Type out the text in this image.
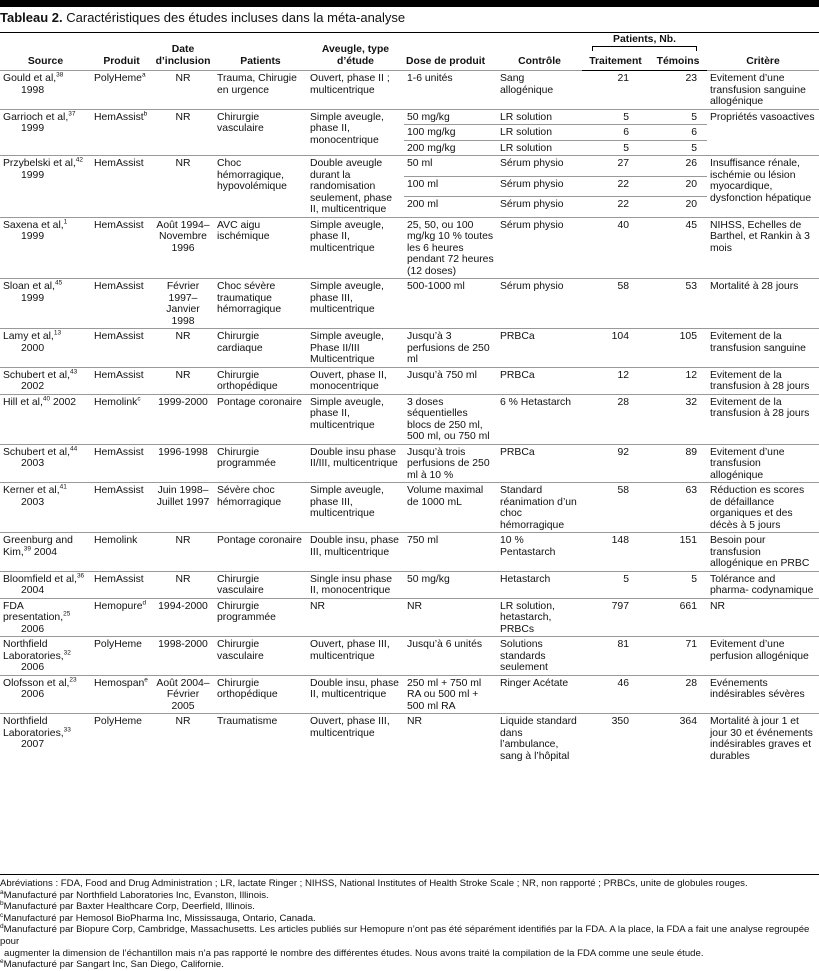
Tableau 2. Caractéristiques des études incluses dans la méta-analyse
Source	Produit	Date d’inclusion	Patients	Aveugle, type d’étude	Dose de produit	Contrôle	Patients, Nb.		Critère
							Traitement	Témoins	
Gould et al,$^{38}$
1998	PolyHeme$^a$	NR	Trauma, Chirugie en urgence	Ouvert, phase II ; multicentrique	1-6 unités	Sang allogénique	21	23	Evitement d’une transfusion sanguine allogénique
Garrioch et al,$^{37}$
1999	HemAssist$^b$	NR	Chirurgie vasculaire	Simple aveugle, phase II, monocentrique	50 mg/kg	LR solution	5	5	Propriétés vasoactives
					100 mg/kg	LR solution	6	6	
					200 mg/kg	LR solution	5	5	
Przybelski et al,$^{42}$
1999	HemAssist	NR	Choc hémorragique, hypovolémique	Double aveugle durant la randomisation seulement, phase II, multicentrique	50 ml	Sérum physio	27	26	Insuffisance rénale, ischémie ou lésion myocardique, dysfonction hépatique
					100 ml	Sérum physio	22	20	
					200 ml	Sérum physio	22	20	
Saxena et al,$^1$
1999	HemAssist	Août 1994– Novembre 1996	AVC aigu ischémique	Simple aveugle, phase II, multicentrique	25, 50, ou 100 mg/kg 10 % toutes les 6 heures pendant 72 heures (12 doses)	Sérum physio	40	45	NIHSS, Echelles de Barthel, et Rankin à 3 mois
Sloan et al,$^{45}$
1999	HemAssist	Février 1997– Janvier 1998	Choc sévère traumatique hémorragique	Simple aveugle, phase III, multicentrique	500-1000 ml	Sérum physio	58	53	Mortalité à 28 jours
Lamy et al,$^{13}$
2000	HemAssist	NR	Chirurgie cardiaque	Simple aveugle, Phase II/III Multicentrique	Jusqu’à 3 perfusions de 250 ml	PRBCa	104	105	Evitement de la transfusion sanguine
Schubert et al,$^{43}$
2002	HemAssist	NR	Chirurgie orthopédique	Ouvert, phase II, monocentrique	Jusqu’à 750 ml	PRBCa	12	12	Evitement de la transfusion à 28 jours
Hill et al,$^{40}$ 2002	Hemolink$^c$	1999-2000	Pontage coronaire	Simple aveugle, phase II, multicentrique	3 doses séquentielles blocs de 250 ml, 500 ml, ou 750 ml	6 % Hetastarch	28	32	Evitement de la transfusion à 28 jours
Schubert et al,$^{44}$
2003	HemAssist	1996-1998	Chirurgie programmée	Double insu phase II/III, multicentrique	Jusqu’à trois perfusions de 250 ml à 10 %	PRBCa	92	89	Evitement d’une transfusion allogénique
Kerner et al,$^{41}$
2003	HemAssist	Juin 1998– Juillet 1997	Sévère choc hémorragique	Simple aveugle, phase III, multicentrique	Volume maximal de 1000 mL	Standard réanimation d’un choc hémorragique	58	63	Réduction es scores de défaillance organiques et des décès à 5 jours
Greenburg and Kim,$^{39}$ 2004	Hemolink	NR	Pontage coronaire	Double insu, phase III, multicentrique	750 ml	10 % Pentastarch	148	151	Besoin pour transfusion allogénique en PRBC
Bloomfield et al,$^{36}$
2004	HemAssist	NR	Chirurgie vasculaire	Single insu phase II, monocentrique	50 mg/kg	Hetastarch	5	5	Tolérance and pharma- codynamique
FDA presentation,$^{25}$
2006	Hemopure$^d$	1994-2000	Chirurgie programmée	NR	NR	LR solution, hetastarch, PRBCs	797	661	NR
Northfield Laboratories,$^{32}$
2006	PolyHeme	1998-2000	Chirurgie vasculaire	Ouvert, phase III, multicentrique	Jusqu’à 6 unités	Solutions standards seulement	81	71	Evitement d’une perfusion allogénique
Olofsson et al,$^{23}$
2006	Hemospan$^e$	Août 2004– Février 2005	Chirurgie orthopédique	Double insu, phase II, multicentrique	250 ml + 750 ml RA ou 500 ml + 500 ml RA	Ringer Acétate	46	28	Evénements indésirables sévères
Northfield Laboratories,$^{33}$
2007	PolyHeme	NR	Traumatisme	Ouvert, phase III, multicentrique	NR	Liquide standard dans l’ambulance, sang à l’hôpital	350	364	Mortalité à jour 1 et jour 30 et événements indésirables graves et durables

Abréviations : FDA, Food and Drug Administration ; LR, lactate Ringer ; NIHSS, National Institutes of Health Stroke Scale ; NR, non rapporté ; PRBCs, unite de globules rouges.

$^a$Manufacturé par Northfield Laboratories Inc, Evanston, Illinois.

$^b$Manufacturé par Baxter Healthcare Corp, Deerfield, Illinois.

$^c$Manufacturé par Hemosol BioPharma Inc, Mississauga, Ontario, Canada.

$^d$Manufacturé par Biopure Corp, Cambridge, Massachusetts. Les articles publiés sur Hemopure n’ont pas été séparément identifiés par la FDA. A la place, la FDA a fait une analyse regroupée pour

augmenter la dimension de l’échantillon mais n’a pas rapporté le nombre des différentes études. Nous avons traité la compilation de la FDA comme une seule étude.

$^e$Manufacturé par Sangart Inc, San Diego, Californie.
